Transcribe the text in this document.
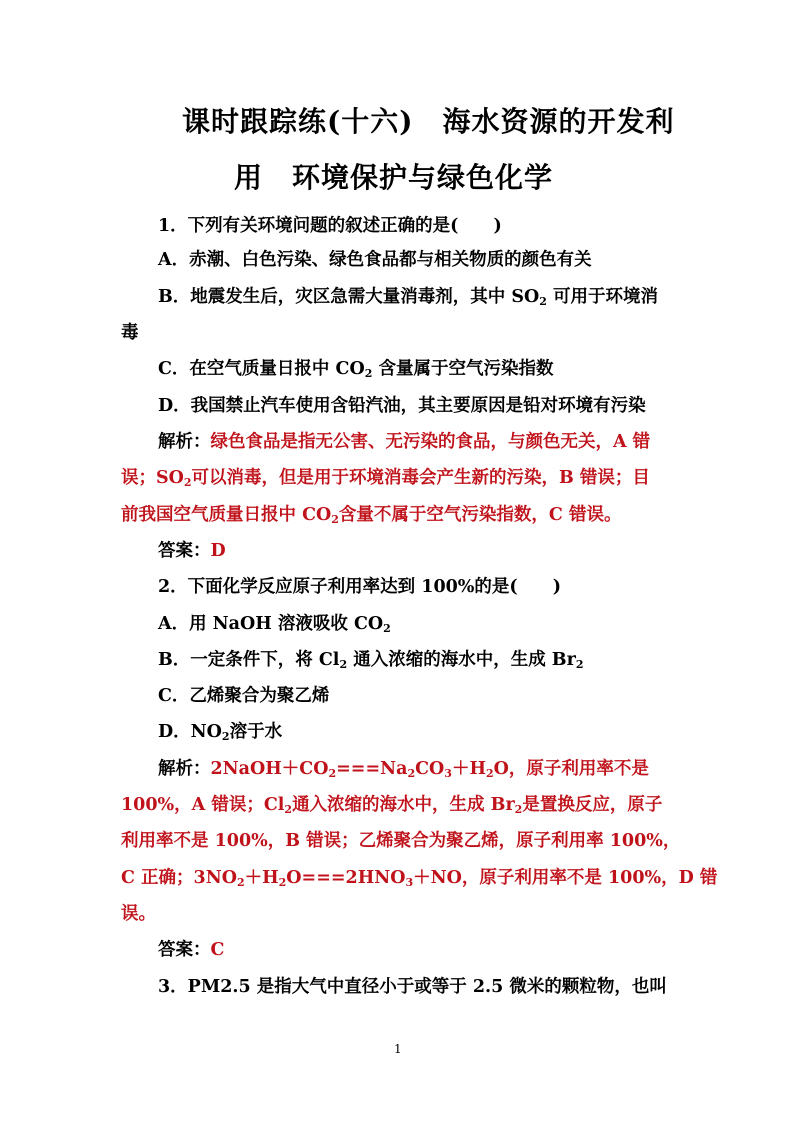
课时跟踪练(十六)　海水资源的开发利
用　环境保护与绿色化学
1．下列有关环境问题的叙述正确的是(　　)
A．赤潮、白色污染、绿色食品都与相关物质的颜色有关
B．地震发生后，灾区急需大量消毒剂，其中 $SO_2$ 可用于环境消
毒
C．在空气质量日报中 $CO_2$ 含量属于空气污染指数
D．我国禁止汽车使用含铅汽油，其主要原因是铅对环境有污染
解析：绿色食品是指无公害、无污染的食品，与颜色无关，A 错
误；$SO_2$可以消毒，但是用于环境消毒会产生新的污染，B 错误；目
前我国空气质量日报中 $CO_2$含量不属于空气污染指数，C 错误。
答案：D
2．下面化学反应原子利用率达到 100%的是(　　)
A．用 NaOH 溶液吸收 $CO_2$
B．一定条件下，将 $Cl_2$ 通入浓缩的海水中，生成 $Br_2$
C．乙烯聚合为聚乙烯
D．$NO_2$溶于水
解析：$2NaOH+CO_2===Na_2CO_3+H_2O$，原子利用率不是
100%，A 错误；$Cl_2$通入浓缩的海水中，生成 $Br_2$是置换反应，原子
利用率不是 100%，B 错误；乙烯聚合为聚乙烯，原子利用率 100%，
C 正确；$3NO_2+H_2O===2HNO_3+NO$，原子利用率不是 100%，D 错
误。
答案：C
3．PM2.5 是指大气中直径小于或等于 2.5 微米的颗粒物，也叫
1
